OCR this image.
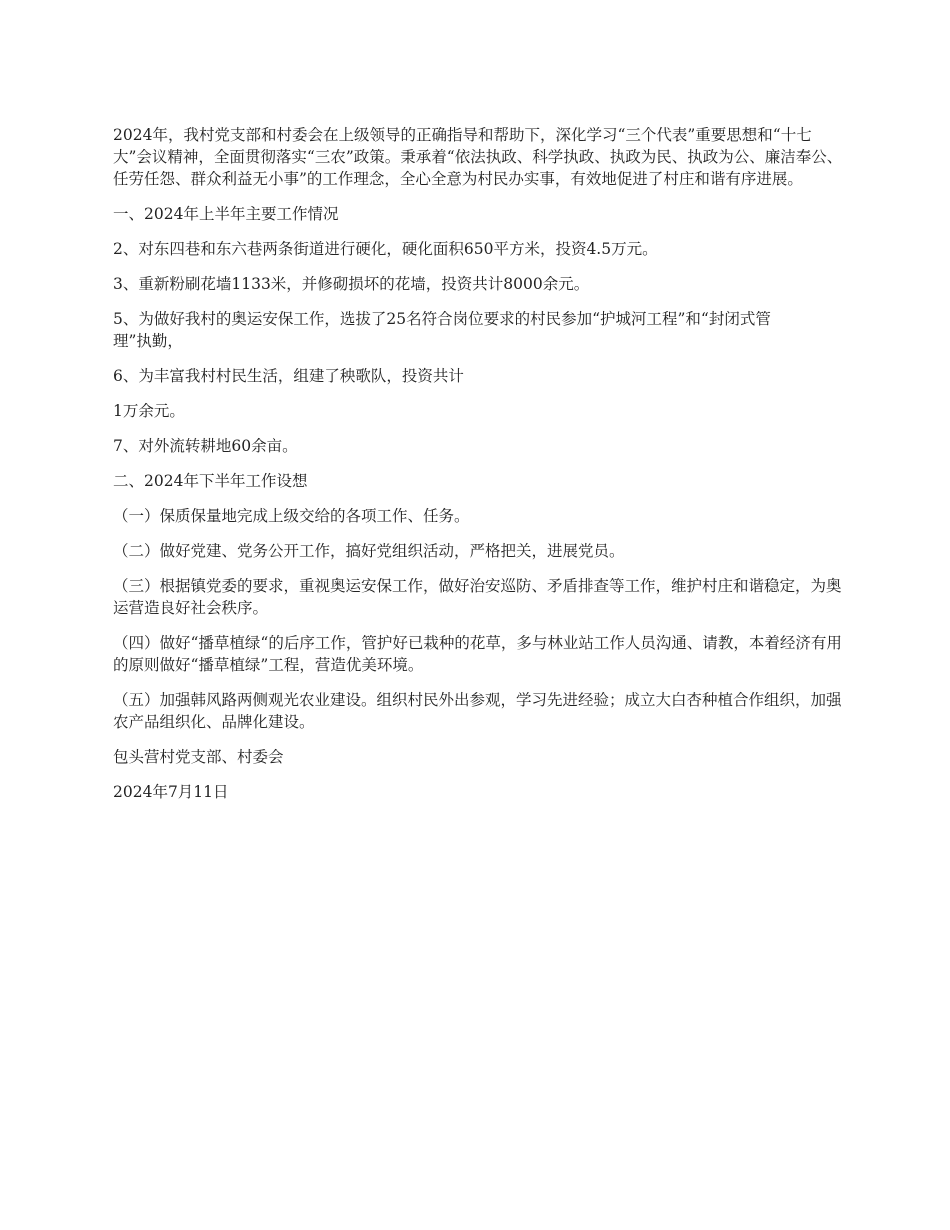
2024年，我村党支部和村委会在上级领导的正确指导和帮助下，深化学习“三个代表”重要思想和“十七大”会议精神，全面贯彻落实“三农”政策。秉承着“依法执政、科学执政、执政为民、执政为公、廉洁奉公、任劳任怨、群众利益无小事”的工作理念，全心全意为村民办实事，有效地促进了村庄和谐有序进展。

一、2024年上半年主要工作情况

2、对东四巷和东六巷两条街道进行硬化，硬化面积650平方米，投资4.5万元。

3、重新粉刷花墙1133米，并修砌损坏的花墙，投资共计8000余元。

5、为做好我村的奥运安保工作，选拔了25名符合岗位要求的村民参加“护城河工程”和“封闭式管理”执勤，

6、为丰富我村村民生活，组建了秧歌队，投资共计

1万余元。

7、对外流转耕地60余亩。

二、2024年下半年工作设想

（一）保质保量地完成上级交给的各项工作、任务。

（二）做好党建、党务公开工作，搞好党组织活动，严格把关，进展党员。

（三）根据镇党委的要求，重视奥运安保工作，做好治安巡防、矛盾排查等工作，维护村庄和谐稳定，为奥运营造良好社会秩序。

（四）做好“播草植绿“的后序工作，管护好已栽种的花草，多与林业站工作人员沟通、请教，本着经济有用的原则做好“播草植绿”工程，营造优美环境。

（五）加强韩风路两侧观光农业建设。组织村民外出参观，学习先进经验；成立大白杏种植合作组织，加强农产品组织化、品牌化建设。

包头营村党支部、村委会

2024年7月11日
